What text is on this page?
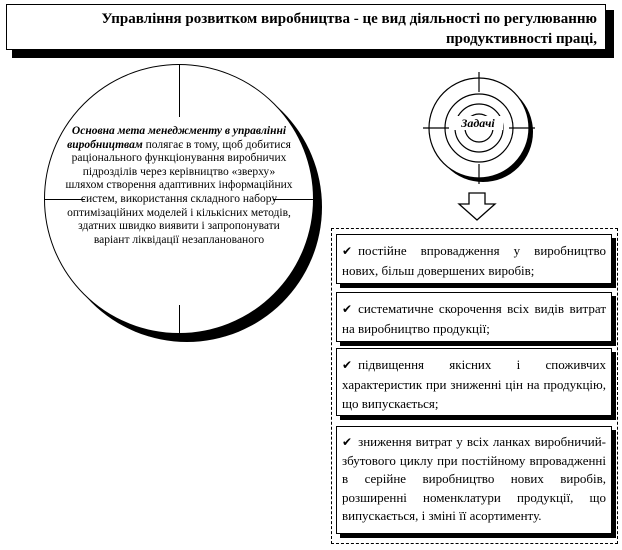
Управління розвитком виробництва - це вид діяльності по регулюванню
продуктивності праці,
Основна мета менеджменту в управлінні виробництвам полягає в тому, щоб добитися раціонального функціонування виробничих підрозділів через керівництво «зверху» шляхом створення адаптивних інформаційних систем, використання складного набору оптимізаційних моделей і кількісних методів, здатних швидко виявити і запропонувати варіант ліквідації незапланованого
Задачі
✔ постійне впровадження у виробництво нових, більш довершених виробів;
✔ систематичне скорочення всіх видів витрат на виробництво продукції;
✔ підвищення якісних і споживчих характеристик при зниженні цін на продукцію, що випускається;
✔ зниження витрат у всіх ланках виробничий-збутового циклу при постійному впровадженні в серійне виробництво нових виробів, розширенні номенклатури продукції, що випускається, і зміні її асортименту.
